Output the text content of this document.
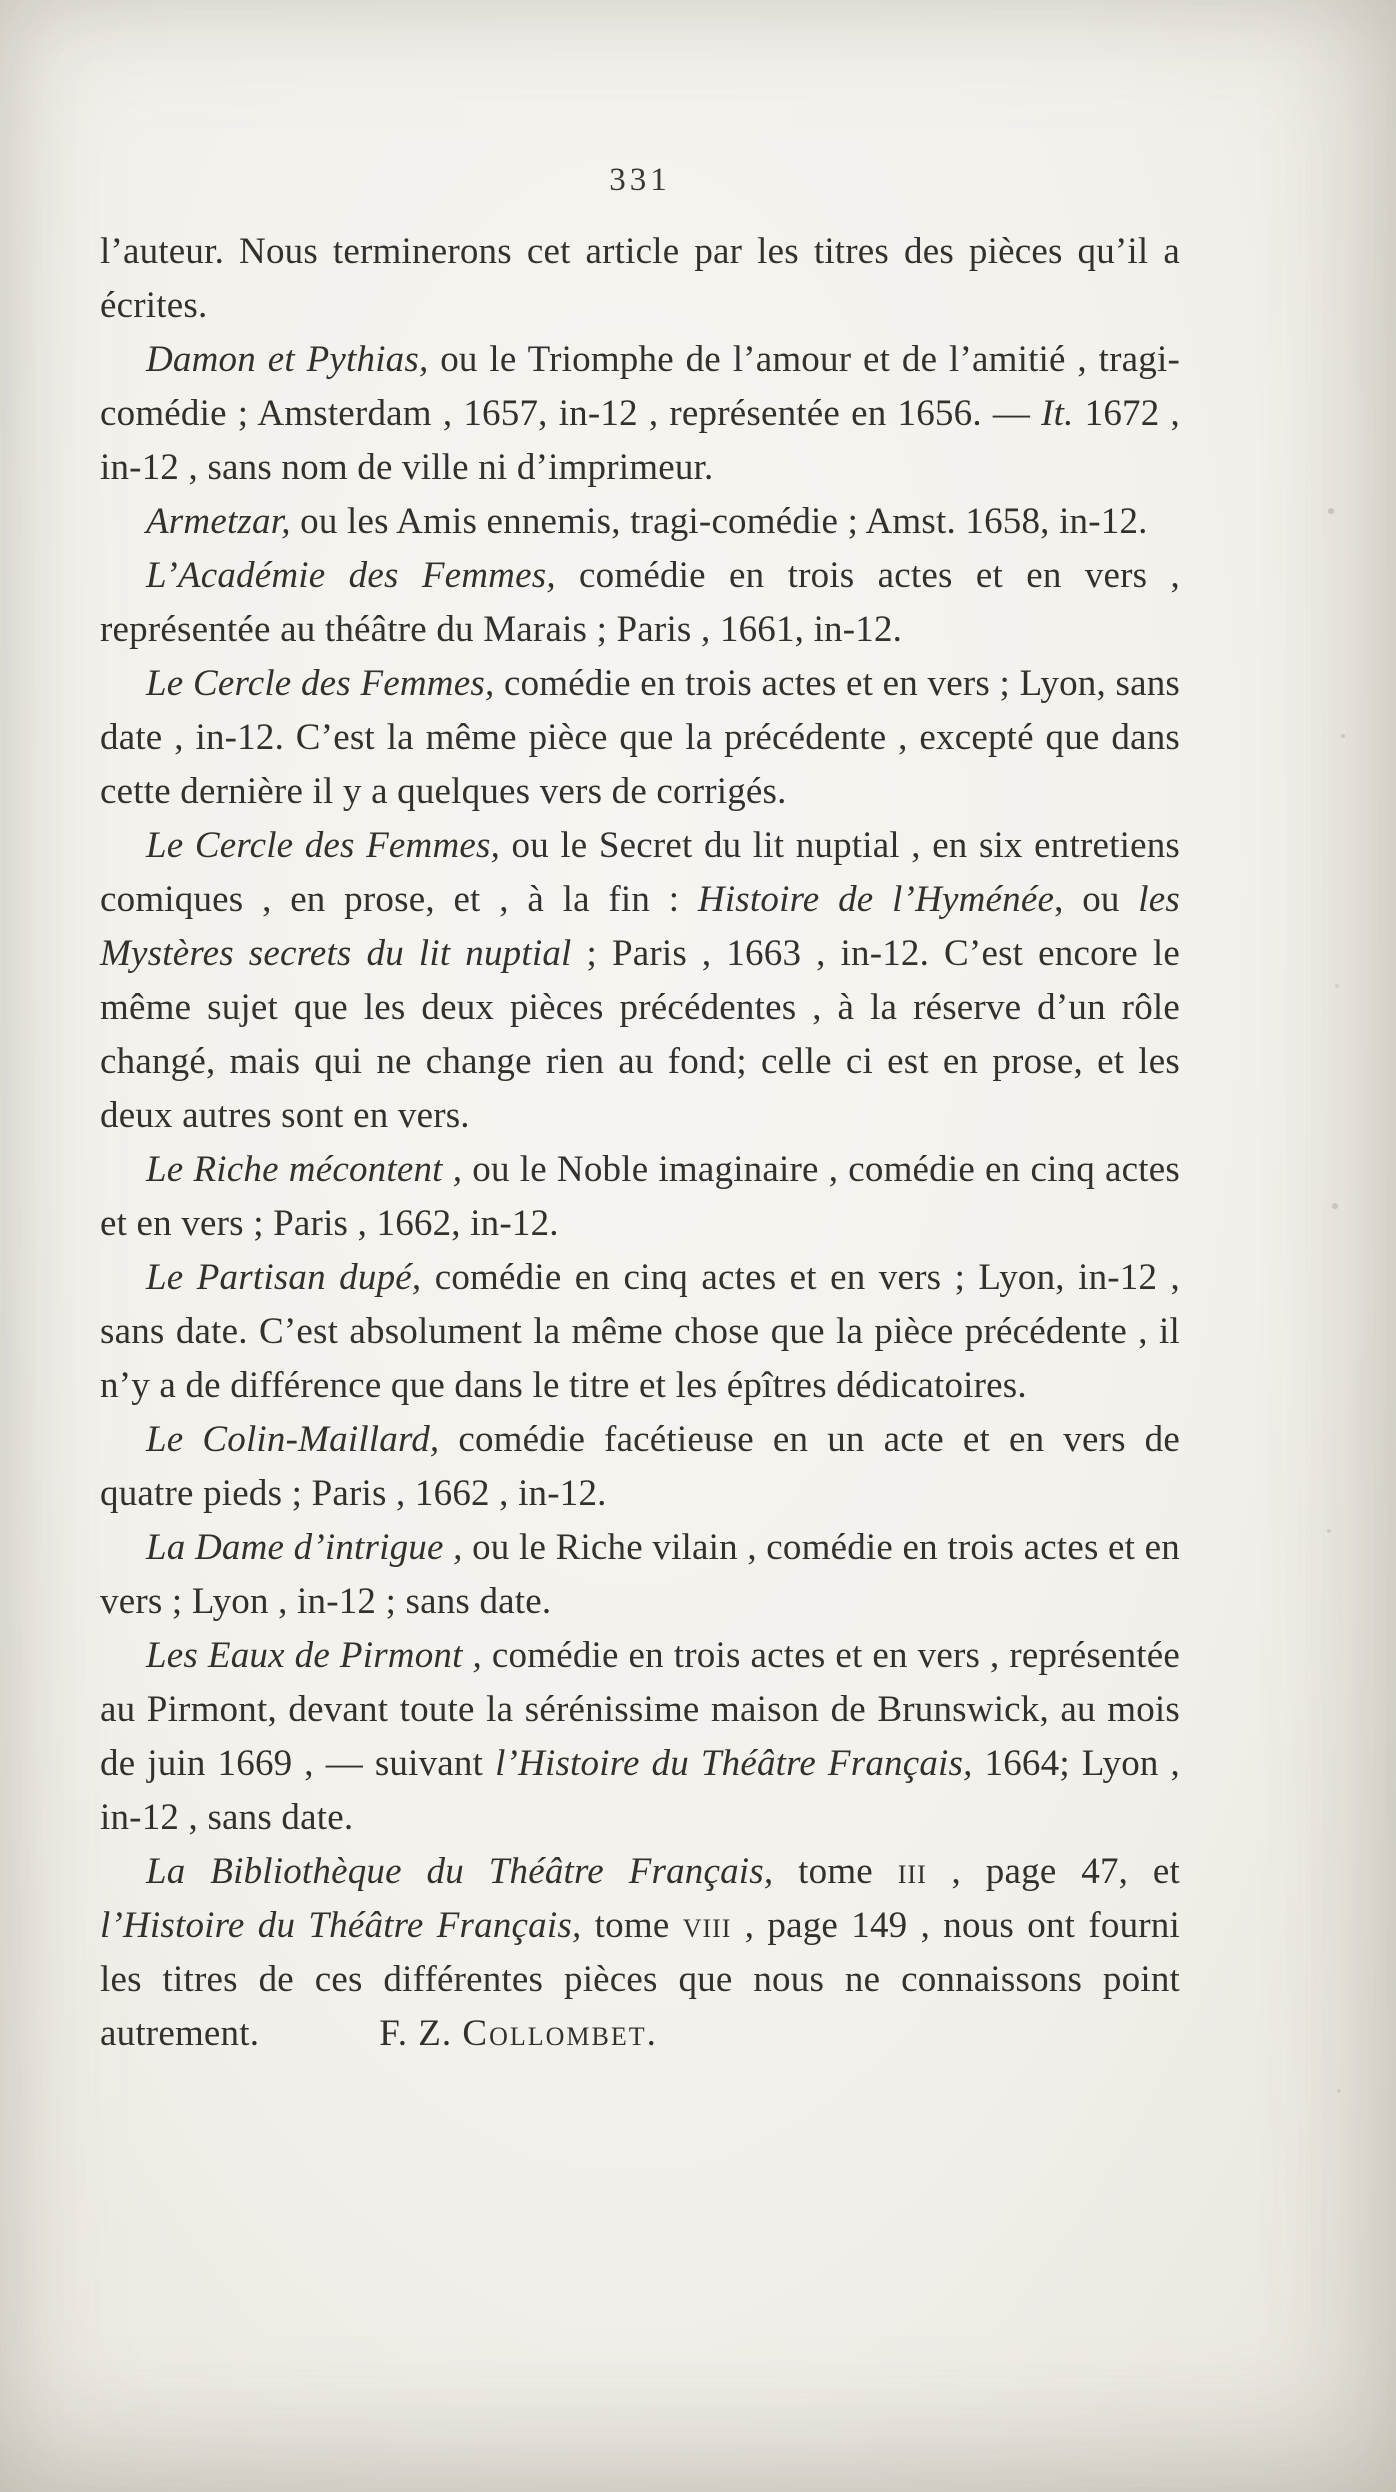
331

l’auteur. Nous terminerons cet article par les titres des pièces qu’il a écrites.

Damon et Pythias, ou le Triomphe de l’amour et de l’amitié , tragi-comédie ; Amsterdam , 1657, in-12 , représentée en 1656. — It. 1672 , in-12 , sans nom de ville ni d’imprimeur.

Armetzar, ou les Amis ennemis, tragi-comédie ; Amst. 1658, in-12.

L’Académie des Femmes, comédie en trois actes et en vers , représentée au théâtre du Marais ; Paris , 1661, in-12.

Le Cercle des Femmes, comédie en trois actes et en vers ; Lyon, sans date , in-12. C’est la même pièce que la précédente , excepté que dans cette dernière il y a quelques vers de corrigés.

Le Cercle des Femmes, ou le Secret du lit nuptial , en six entretiens comiques , en prose, et , à la fin : Histoire de l’Hyménée, ou les Mystères secrets du lit nuptial ; Paris , 1663 , in-12. C’est encore le même sujet que les deux pièces précédentes , à la réserve d’un rôle changé, mais qui ne change rien au fond; celle ci est en prose, et les deux autres sont en vers.

Le Riche mécontent , ou le Noble imaginaire , comédie en cinq actes et en vers ; Paris , 1662, in-12.

Le Partisan dupé, comédie en cinq actes et en vers ; Lyon, in-12 , sans date. C’est absolument la même chose que la pièce précédente , il n’y a de différence que dans le titre et les épîtres dédicatoires.

Le Colin-Maillard, comédie facétieuse en un acte et en vers de quatre pieds ; Paris , 1662 , in-12.

La Dame d’intrigue , ou le Riche vilain , comédie en trois actes et en vers ; Lyon , in-12 ; sans date.

Les Eaux de Pirmont , comédie en trois actes et en vers , représentée au Pirmont, devant toute la sérénissime maison de Brunswick, au mois de juin 1669 , — suivant l’Histoire du Théâtre Français, 1664; Lyon , in-12 , sans date.

La Bibliothèque du Théâtre Français, tome iii , page 47, et l’Histoire du Théâtre Français, tome viii , page 149 , nous ont fourni les titres de ces différentes pièces que nous ne connaissons point autrement.	F. Z. Collombet.
